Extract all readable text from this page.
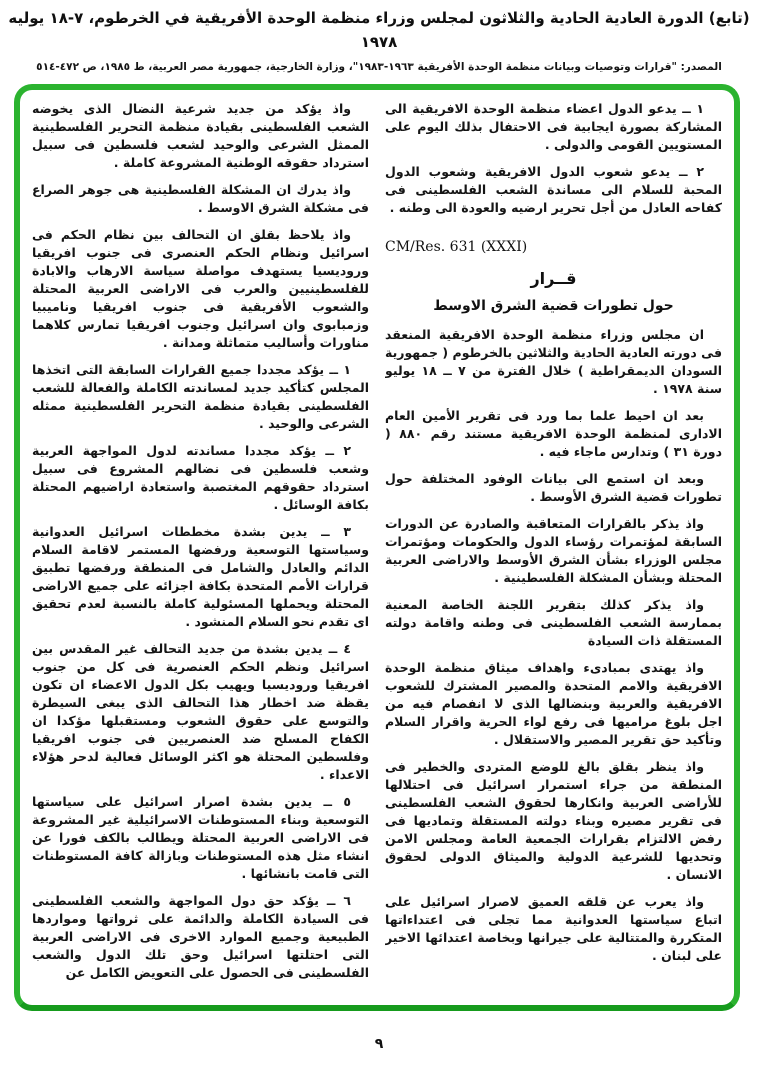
(تابع) الدورة العادية الحادية والثلاثون لمجلس وزراء منظمة الوحدة الأفريقية في الخرطوم، ٧-١٨ يوليه ١٩٧٨
المصدر: "قرارات وتوصيات وبيانات منظمة الوحدة الأفريقية ١٩٦٣-١٩٨٣"، وزارة الخارجية، جمهورية مصر العربية، ط ١٩٨٥، ص ٤٧٢-٥١٤

١ ــ يدعو الدول اعضاء منظمة الوحدة الافريقية الى المشاركة بصورة ايجابية فى الاحتفال بذلك اليوم على المستويين القومى والدولى .

٢ ــ يدعو شعوب الدول الافريقية وشعوب الدول المحبة للسلام الى مساندة الشعب الفلسطينى فى كفاحه العادل من أجل تحرير ارضيه والعودة الى وطنه .

CM/Res. 631 (XXXI)

قــرار
حول تطورات قضية الشرق الاوسط

ان مجلس وزراء منظمة الوحدة الافريقية المنعقد فى دورته العادية الحادية والثلاثين بالخرطوم ( جمهورية السودان الديمقراطية ) خلال الفترة من ٧ ــ ١٨ يوليو سنة ١٩٧٨ .

بعد ان احيط علما بما ورد فى تقرير الأمين العام الادارى لمنظمة الوحدة الافريقية مستند رقم ٨٨٠ ( دورة ٣١ ) وتدارس ماجاء فيه .

وبعد ان استمع الى بيانات الوفود المختلفة حول تطورات قضية الشرق الأوسط .

واذ يذكر بالقرارات المتعاقبة والصادرة عن الدورات السابقة لمؤتمرات رؤساء الدول والحكومات ومؤتمرات مجلس الوزراء بشأن الشرق الأوسط والاراضى العربية المحتلة وبشأن المشكلة الفلسطينية .

واذ يذكر كذلك بتقرير اللجنة الخاصة المعنية بممارسة الشعب الفلسطينى فى وطنه واقامة دولته المستقلة ذات السيادة

واذ يهتدى بمبادىء واهداف ميثاق منظمة الوحدة الافريقية والامم المتحدة والمصير المشترك للشعوب الافريقية والعربية وبنضالها الذى لا انفصام فيه من اجل بلوغ مراميها فى رفع لواء الحرية واقرار السلام وتأكيد حق تقرير المصير والاستقلال .

واذ ينظر بقلق بالغ للوضع المتردى والخطير فى المنطقة من جراء استمرار اسرائيل فى احتلالها للأراضى العربية وانكارها لحقوق الشعب الفلسطينى فى تقرير مصيره وبناء دولته المستقلة وتماديها فى رفض الالتزام بقرارات الجمعية العامة ومجلس الامن وتحديها للشرعية الدولية والميثاق الدولى لحقوق الانسان .

واذ يعرب عن قلقه العميق لاصرار اسرائيل على اتباع سياستها العدوانية مما تجلى فى اعتداءاتها المتكررة والمتتالية على جيرانها وبخاصة اعتدائها الاخير على لبنان .

واذ يؤكد من جديد شرعية النضال الذى يخوضه الشعب الفلسطينى بقيادة منظمة التحرير الفلسطينية الممثل الشرعى والوحيد لشعب فلسطين فى سبيل استرداد حقوقه الوطنية المشروعة كاملة .

واذ يدرك ان المشكلة الفلسطينية هى جوهر الصراع فى مشكلة الشرق الاوسط .

واذ يلاحظ بقلق ان التحالف بين نظام الحكم فى اسرائيل ونظام الحكم العنصرى فى جنوب افريقيا وروديسيا يستهدف مواصلة سياسة الارهاب والابادة للفلسطينيين والعرب فى الاراضى العربية المحتلة والشعوب الأفريقية فى جنوب افريقيا وناميبيا وزمبابوى وان اسرائيل وجنوب افريقيا تمارس كلاهما مناورات وأساليب متماثلة ومدانة .

١ ــ يؤكد مجددا جميع القرارات السابقة التى اتخذها المجلس كتأكيد جديد لمساندته الكاملة والفعالة للشعب الفلسطينى بقيادة منظمة التحرير الفلسطينية ممثله الشرعى والوحيد .

٢ ــ يؤكد مجددا مساندته لدول المواجهة العربية وشعب فلسطين فى نضالهم المشروع فى سبيل استرداد حقوقهم المغتصبة واستعادة اراضيهم المحتلة بكافة الوسائل .

٣ ــ يدين بشدة مخططات اسرائيل العدوانية وسياستها التوسعية ورفضها المستمر لاقامة السلام الدائم والعادل والشامل فى المنطقة ورفضها تطبيق قرارات الأمم المتحدة بكافة اجزائه على جميع الاراضى المحتلة ويحملها المسئولية كاملة بالنسبة لعدم تحقيق اى تقدم نحو السلام المنشود .

٤ ــ يدين بشدة من جديد التحالف غير المقدس بين اسرائيل ونظم الحكم العنصرية فى كل من جنوب افريقيا وروديسيا ويهيب بكل الدول الاعضاء ان تكون يقظة ضد اخطار هذا التحالف الذى يبغى السيطرة والتوسع على حقوق الشعوب ومستقبلها مؤكدا ان الكفاح المسلح ضد العنصريين فى جنوب افريقيا وفلسطين المحتلة هو اكثر الوسائل فعالية لدحر هؤلاء الاعداء .

٥ ــ يدين بشدة اصرار اسرائيل على سياستها التوسعية وبناء المستوطنات الاسرائيلية غير المشروعة فى الاراضى العربية المحتلة ويطالب بالكف فورا عن انشاء مثل هذه المستوطنات وبازالة كافة المستوطنات التى قامت بانشائها .

٦ ــ يؤكد حق دول المواجهة والشعب الفلسطينى فى السيادة الكاملة والدائمة على ثرواتها ومواردها الطبيعية وجميع الموارد الاخرى فى الاراضى العربية التى احتلتها اسرائيل وحق تلك الدول والشعب الفلسطينى فى الحصول على التعويض الكامل عن

٩
